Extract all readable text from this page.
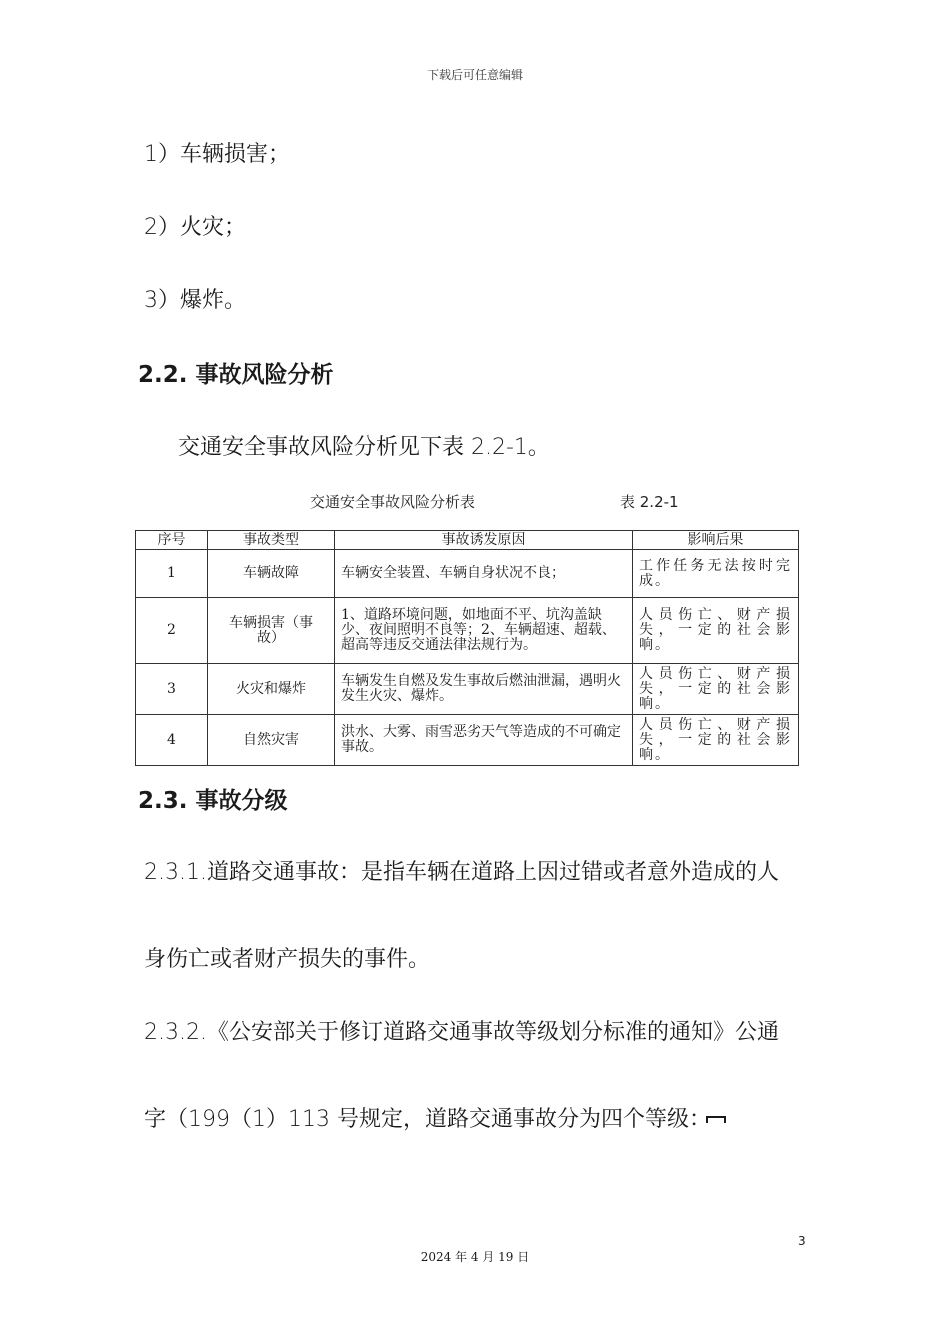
下载后可任意编辑
1）车辆损害；
2）火灾；
3）爆炸。
2.2. 事故风险分析
交通安全事故风险分析见下表 2.2-1。
交通安全事故风险分析表	表 2.2-1
序号	事故类型	事故诱发原因	影响后果
1	车辆故障	车辆安全装置、车辆自身状况不良；	工作任务无法按时完成。
2	车辆损害（事故）	1、道路环境问题，如地面不平、坑沟盖缺少、夜间照明不良等；2、车辆超速、超载、超高等违反交通法律法规行为。	人员伤亡、财产损失，一定的社会影响。
3	火灾和爆炸	车辆发生自燃及发生事故后燃油泄漏，遇明火发生火灾、爆炸。	人员伤亡、财产损失，一定的社会影响。
4	自然灾害	洪水、大雾、雨雪恶劣天气等造成的不可确定事故。	人员伤亡、财产损失，一定的社会影响。
2.3. 事故分级
2.3.1.道路交通事故：是指车辆在道路上因过错或者意外造成的人
身伤亡或者财产损失的事件。
2.3.2.《公安部关于修订道路交通事故等级划分标准的通知》公通
字（199（1）113 号规定，道路交通事故分为四个等级：
3
2024 年 4 月 19 日
